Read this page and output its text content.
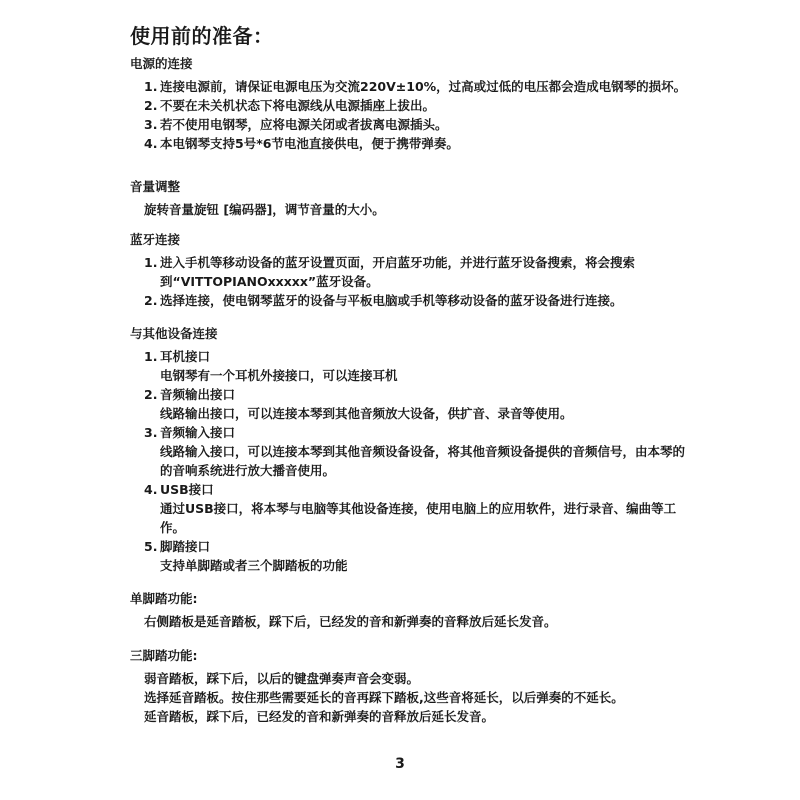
使用前的准备：
电源的连接
1. 连接电源前，请保证电源电压为交流220V±10%，过高或过低的电压都会造成电钢琴的损坏。
2. 不要在未关机状态下将电源线从电源插座上拔出。
3. 若不使用电钢琴，应将电源关闭或者拔离电源插头。
4. 本电钢琴支持5号*6节电池直接供电，便于携带弹奏。
音量调整
旋转音量旋钮 [编码器]，调节音量的大小。
蓝牙连接
1. 进入手机等移动设备的蓝牙设置页面，开启蓝牙功能，并进行蓝牙设备搜索，将会搜索到“VITTOPIANOxxxxx”蓝牙设备。
2. 选择连接，使电钢琴蓝牙的设备与平板电脑或手机等移动设备的蓝牙设备进行连接。
与其他设备连接
1. 耳机接口
电钢琴有一个耳机外接接口，可以连接耳机
2. 音频输出接口
线路输出接口，可以连接本琴到其他音频放大设备，供扩音、录音等使用。
3. 音频输入接口
线路输入接口，可以连接本琴到其他音频设备设备，将其他音频设备提供的音频信号，由本琴的的音响系统进行放大播音使用。
4. USB接口
通过USB接口，将本琴与电脑等其他设备连接，使用电脑上的应用软件，进行录音、编曲等工作。
5. 脚踏接口
支持单脚踏或者三个脚踏板的功能
单脚踏功能:
右侧踏板是延音踏板，踩下后，已经发的音和新弹奏的音释放后延长发音。
三脚踏功能:
弱音踏板，踩下后，以后的键盘弹奏声音会变弱。
选择延音踏板。按住那些需要延长的音再踩下踏板,这些音将延长，以后弹奏的不延长。
延音踏板，踩下后，已经发的音和新弹奏的音释放后延长发音。
3
